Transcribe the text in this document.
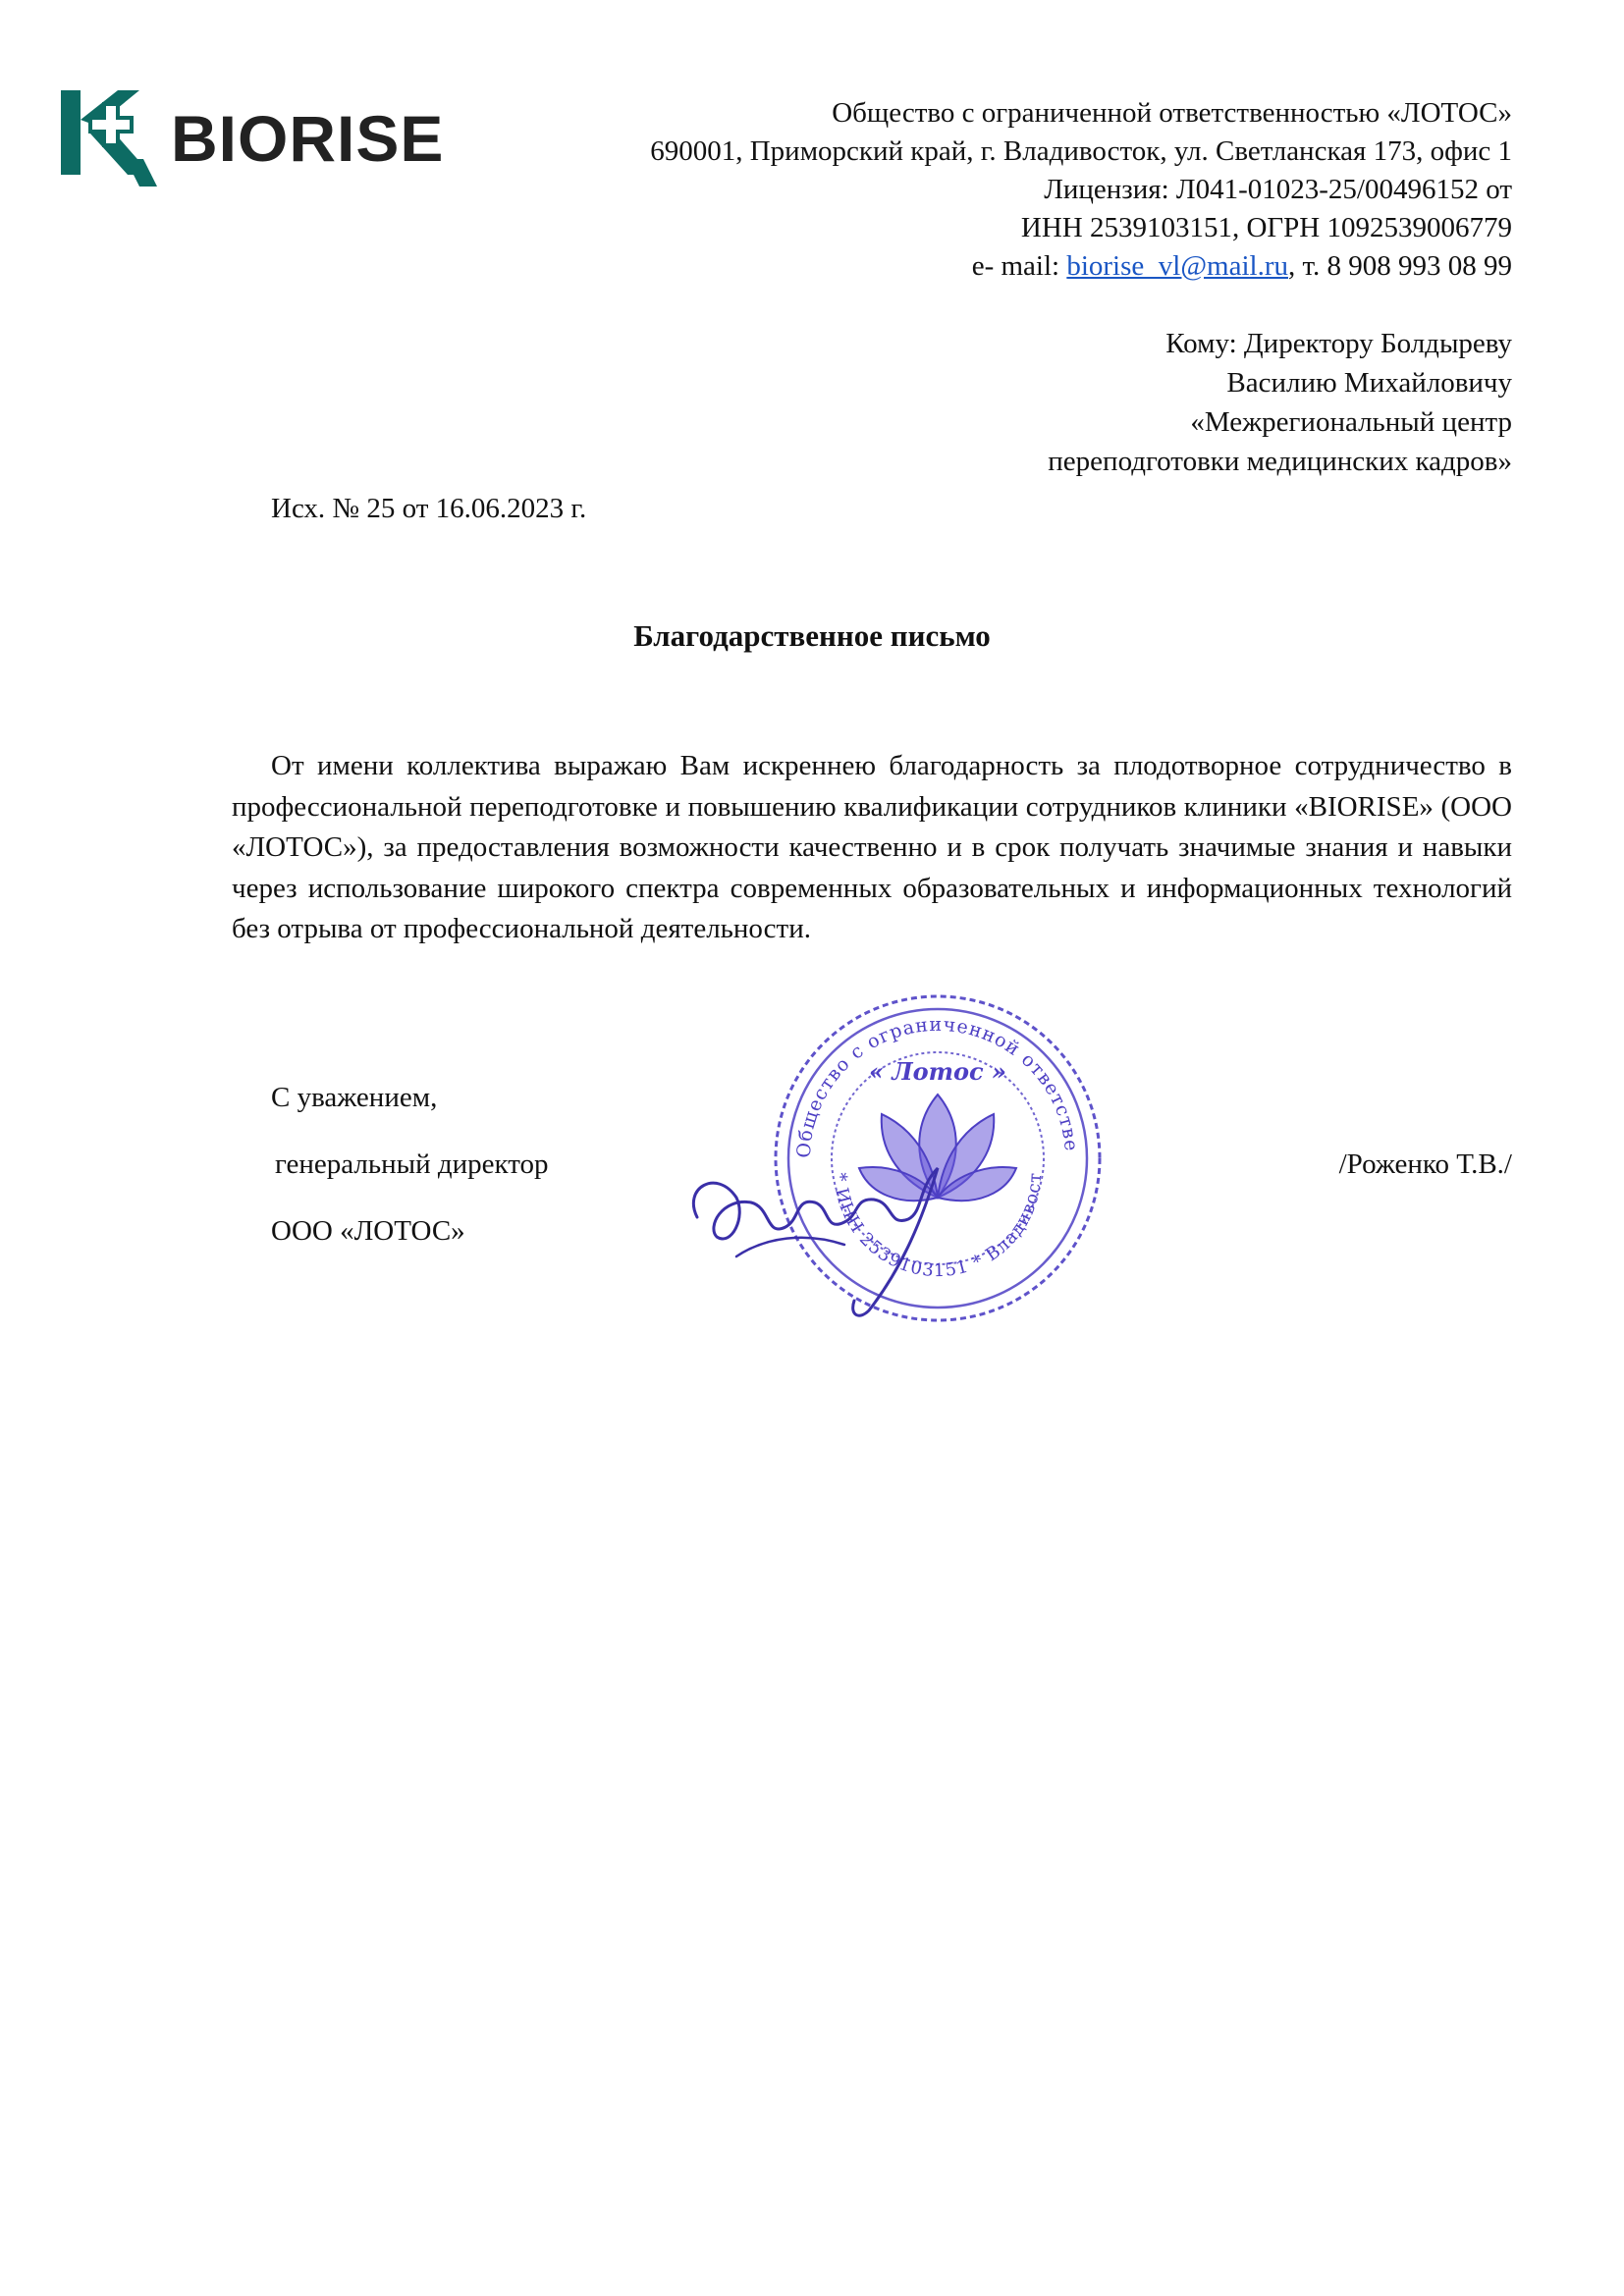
BIORISE	Общество с ограниченной ответственностью «ЛОТОС»
690001, Приморский край, г. Владивосток, ул. Светланская 173, офис 1
Лицензия: Л041-01023-25/00496152 от
ИНН 2539103151, ОГРН 1092539006779
e- mail: biorise_vl@mail.ru, т. 8 908 993 08 99
Кому: Директору Болдыреву
Василию Михайловичу
«Межрегиональный центр
переподготовки медицинских кадров»
Исх. № 25 от 16.06.2023 г.
Благодарственное письмо
От имени коллектива выражаю Вам искреннею благодарность за плодотворное сотрудничество в профессиональной переподготовке и повышению квалификации сотрудников клиники «BIORISE» (ООО «ЛОТОС»), за предоставления возможности качественно и в срок получать значимые знания и навыки через использование широкого спектра современных образовательных и информационных технологий без отрыва от профессиональной деятельности.
С уважением,
генеральный директор
ООО «ЛОТОС»
/Роженко Т.В./
Общество с ограниченной ответстве
* ИНН 2539103151 * Владивост
« Лотос »
